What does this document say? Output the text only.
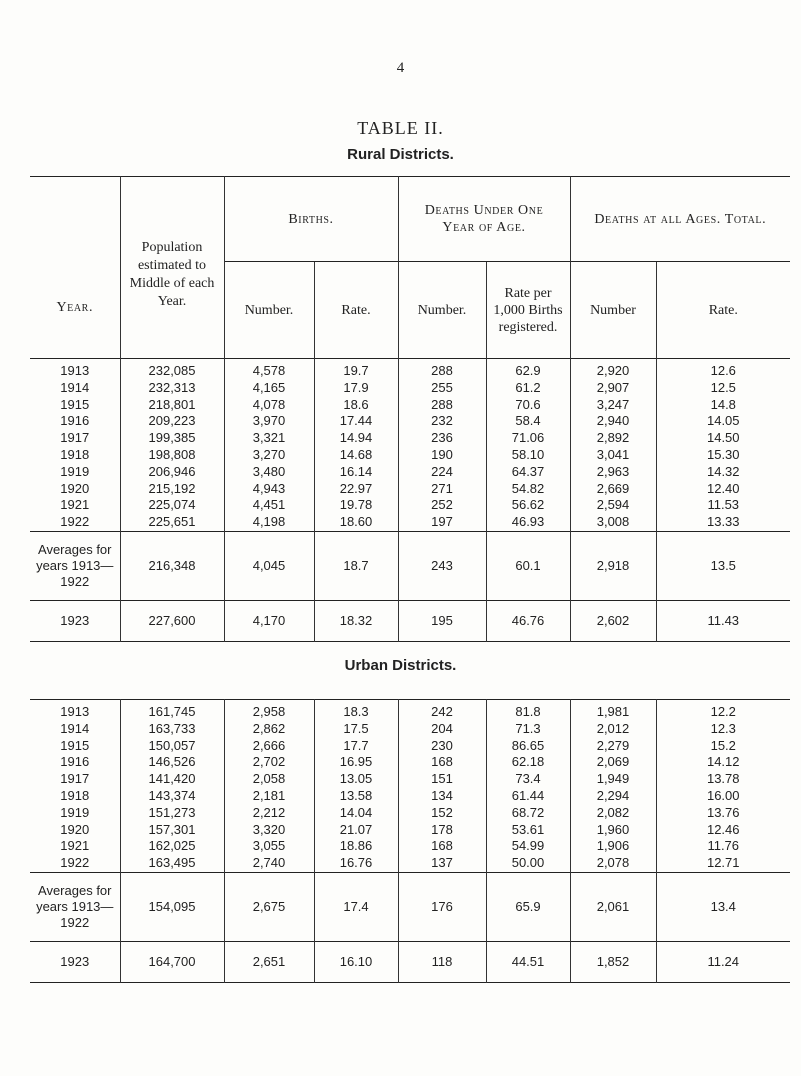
4
TABLE II.
Rural Districts.
Year.	Population estimated to Middle of each Year.	Births.		Deaths Under One Year of Age.		Deaths at all Ages. Total.	
		Number.	Rate.	Number.	Rate per 1,000 Births registered.	Number	Rate.
1913	232,085	4,578	19.7	288	62.9	2,920	12.6
1914	232,313	4,165	17.9	255	61.2	2,907	12.5
1915	218,801	4,078	18.6	288	70.6	3,247	14.8
1916	209,223	3,970	17.44	232	58.4	2,940	14.05
1917	199,385	3,321	14.94	236	71.06	2,892	14.50
1918	198,808	3,270	14.68	190	58.10	3,041	15.30
1919	206,946	3,480	16.14	224	64.37	2,963	14.32
1920	215,192	4,943	22.97	271	54.82	2,669	12.40
1921	225,074	4,451	19.78	252	56.62	2,594	11.53
1922	225,651	4,198	18.60	197	46.93	3,008	13.33
Averages for years 1913—1922	216,348	4,045	18.7	243	60.1	2,918	13.5
1923	227,600	4,170	18.32	195	46.76	2,602	11.43
Urban Districts.

1913	161,745	2,958	18.3	242	81.8	1,981	12.2
1914	163,733	2,862	17.5	204	71.3	2,012	12.3
1915	150,057	2,666	17.7	230	86.65	2,279	15.2
1916	146,526	2,702	16.95	168	62.18	2,069	14.12
1917	141,420	2,058	13.05	151	73.4	1,949	13.78
1918	143,374	2,181	13.58	134	61.44	2,294	16.00
1919	151,273	2,212	14.04	152	68.72	2,082	13.76
1920	157,301	3,320	21.07	178	53.61	1,960	12.46
1921	162,025	3,055	18.86	168	54.99	1,906	11.76
1922	163,495	2,740	16.76	137	50.00	2,078	12.71
Averages for years 1913—1922	154,095	2,675	17.4	176	65.9	2,061	13.4
1923	164,700	2,651	16.10	118	44.51	1,852	11.24
